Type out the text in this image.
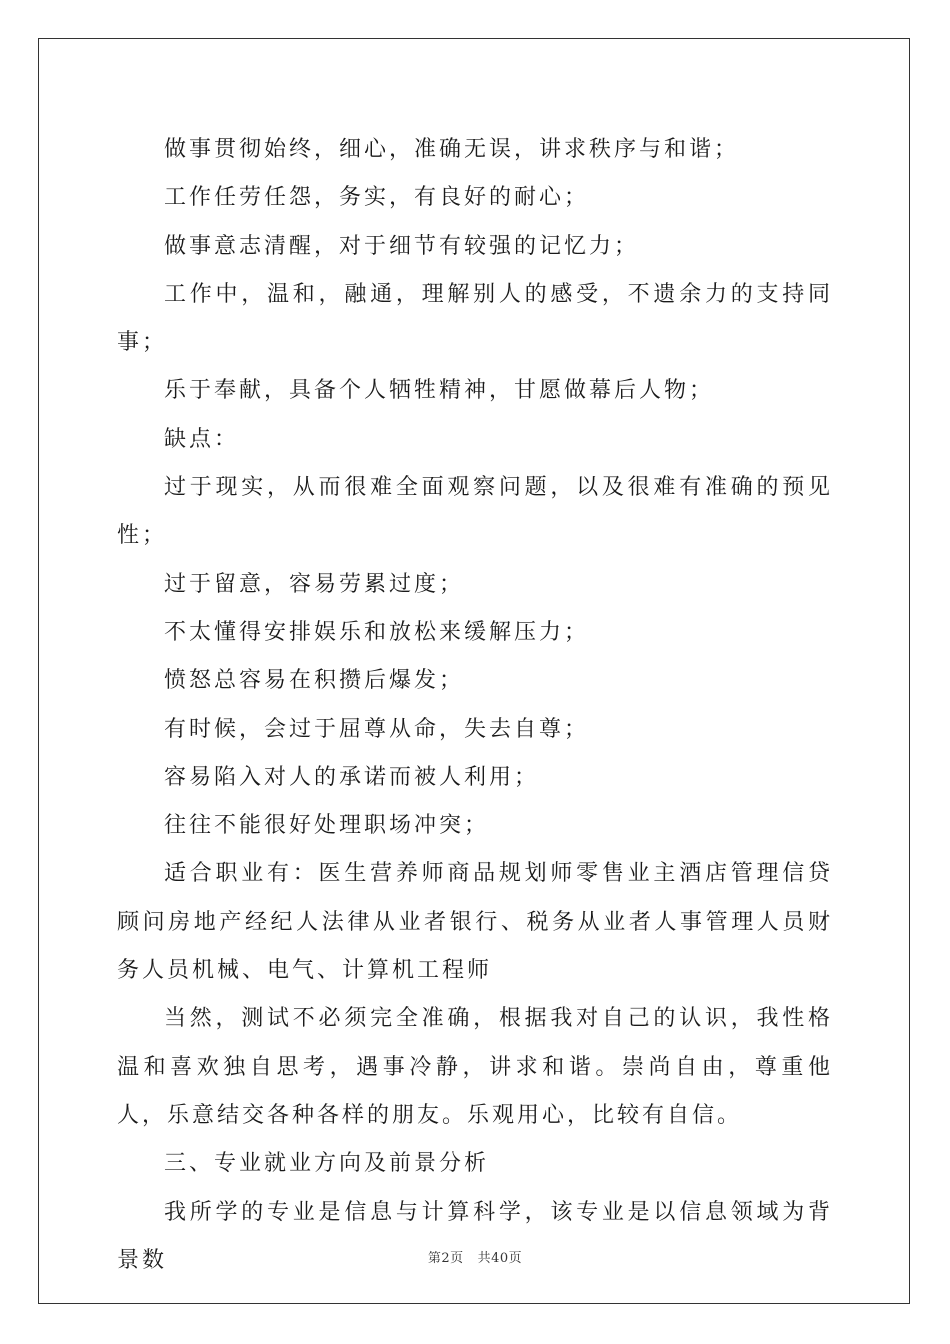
做事贯彻始终，细心，准确无误，讲求秩序与和谐；

工作任劳任怨，务实，有良好的耐心；

做事意志清醒，对于细节有较强的记忆力；

工作中，温和，融通，理解别人的感受，不遗余力的支持同事；

乐于奉献，具备个人牺牲精神，甘愿做幕后人物；

缺点：

过于现实，从而很难全面观察问题，以及很难有准确的预见性；

过于留意，容易劳累过度；

不太懂得安排娱乐和放松来缓解压力；

愤怒总容易在积攒后爆发；

有时候，会过于屈尊从命，失去自尊；

容易陷入对人的承诺而被人利用；

往往不能很好处理职场冲突；

适合职业有：医生营养师商品规划师零售业主酒店管理信贷顾问房地产经纪人法律从业者银行、税务从业者人事管理人员财务人员机械、电气、计算机工程师

当然，测试不必须完全准确，根据我对自己的认识，我性格温和喜欢独自思考，遇事冷静，讲求和谐。崇尚自由，尊重他人，乐意结交各种各样的朋友。乐观用心，比较有自信。

三、专业就业方向及前景分析

我所学的专业是信息与计算科学，该专业是以信息领域为背景数	第2页 共40页
